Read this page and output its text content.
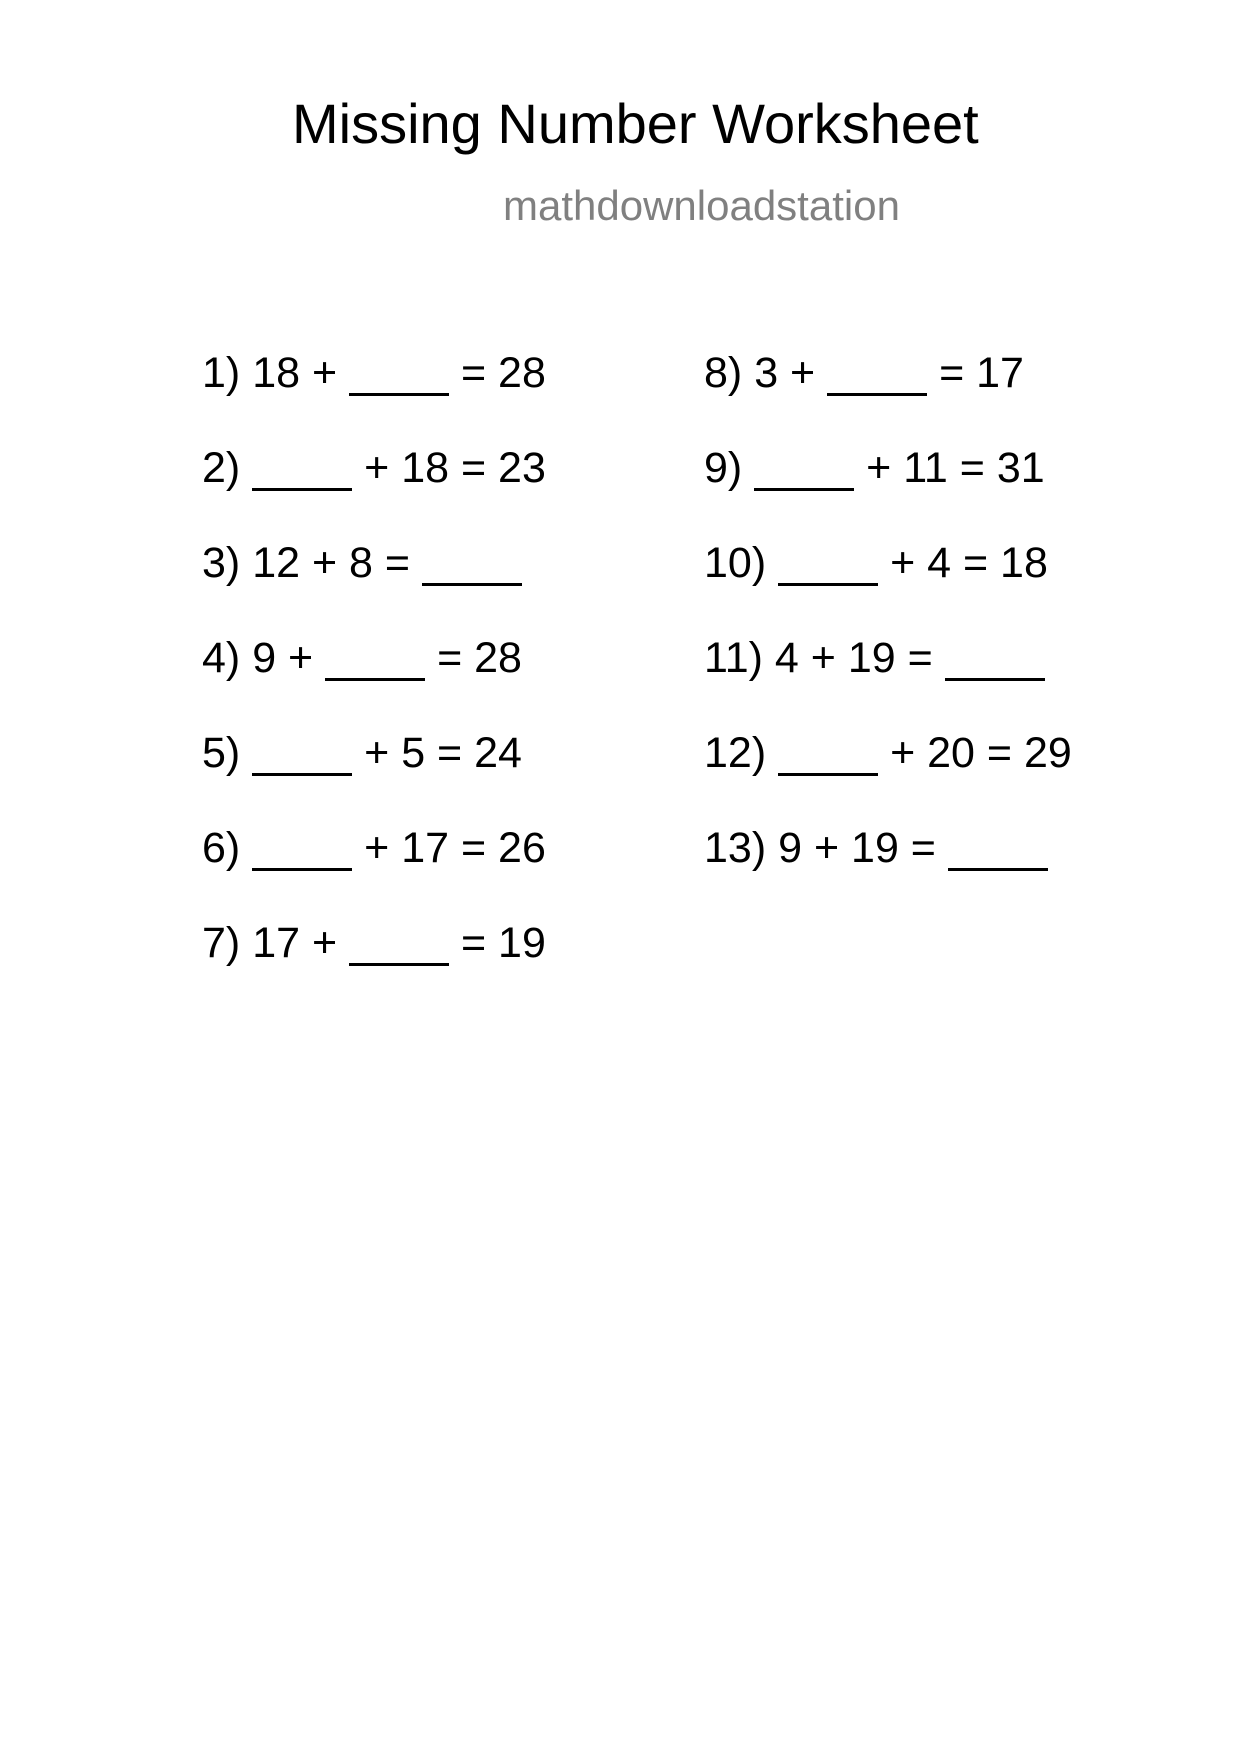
Missing Number Worksheet
mathdownloadstation
1) 18 +	= 28
2)	+ 18 = 23
3) 12 + 8 =
4) 9 +	= 28
5)	+ 5 = 24
6)	+ 17 = 26
7) 17 +	= 19
8) 3 +	= 17
9)	+ 11 = 31
10)	+ 4 = 18
11) 4 + 19 =
12)	+ 20 = 29
13) 9 + 19 =
